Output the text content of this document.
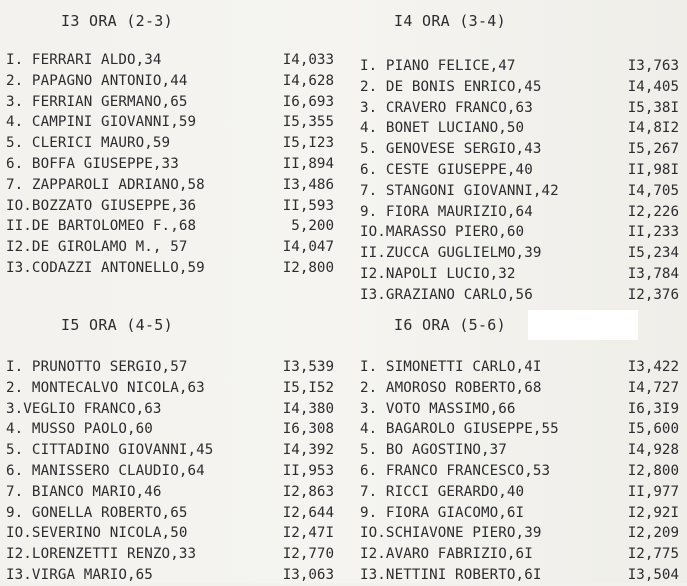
I3 ORA (2-3)
I. FERRARI ALDO,34	I4,033
2. PAPAGNO ANTONIO,44	I4,628
3. FERRIAN GERMANO,65	I6,693
4. CAMPINI GIOVANNI,59	I5,355
5. CLERICI MAURO,59	I5,I23
6. BOFFA GIUSEPPE,33	II,894
7. ZAPPAROLI ADRIANO,58	I3,486
IO.BOZZATO GIUSEPPE,36	II,593
II.DE BARTOLOMEO F.,68	5,200
I2.DE GIROLAMO M., 57	I4,047
I3.CODAZZI ANTONELLO,59	I2,800
I4 ORA (3-4)
I. PIANO FELICE,47	I3,763
2. DE BONIS ENRICO,45	I4,405
3. CRAVERO FRANCO,63	I5,38I
4. BONET LUCIANO,50	I4,8I2
5. GENOVESE SERGIO,43	I5,267
6. CESTE GIUSEPPE,40	II,98I
7. STANGONI GIOVANNI,42	I4,705
9. FIORA MAURIZIO,64	I2,226
IO.MARASSO PIERO,60	II,233
II.ZUCCA GUGLIELMO,39	I5,234
I2.NAPOLI LUCIO,32	I3,784
I3.GRAZIANO CARLO,56	I2,376
I5 ORA (4-5)
I. PRUNOTTO SERGIO,57	I3,539
2. MONTECALVO NICOLA,63	I5,I52
3.VEGLIO FRANCO,63	I4,380
4. MUSSO PAOLO,60	I6,308
5. CITTADINO GIOVANNI,45	I4,392
6. MANISSERO CLAUDIO,64	II,953
7. BIANCO MARIO,46	I2,863
9. GONELLA ROBERTO,65	I2,644
IO.SEVERINO NICOLA,50	I2,47I
I2.LORENZETTI RENZO,33	I2,770
I3.VIRGA MARIO,65	I3,063
I6 ORA (5-6)
I. SIMONETTI CARLO,4I	I3,422
2. AMOROSO ROBERTO,68	I4,727
3. VOTO MASSIMO,66	I6,3I9
4. BAGAROLO GIUSEPPE,55	I5,600
5. BO AGOSTINO,37	I4,928
6. FRANCO FRANCESCO,53	I2,800
7. RICCI GERARDO,40	II,977
9. FIORA GIACOMO,6I	I2,92I
IO.SCHIAVONE PIERO,39	I2,209
I2.AVARO FABRIZIO,6I	I2,775
I3.NETTINI ROBERTO,6I	I3,504
